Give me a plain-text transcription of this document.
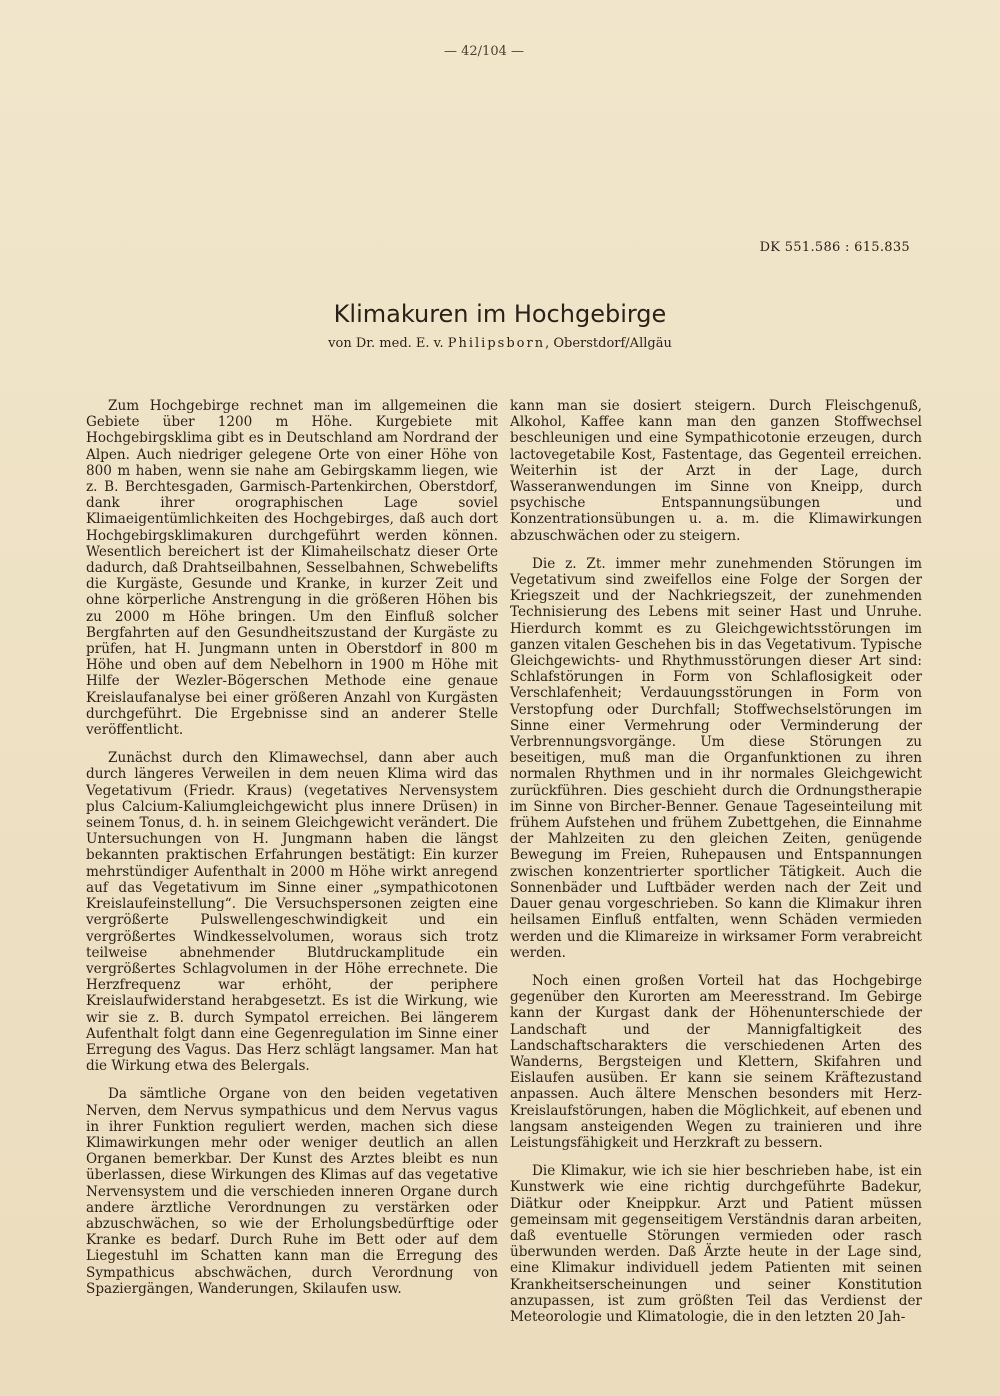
— 42/104 —
DK 551.586 : 615.835
Klimakuren im Hochgebirge
von Dr. med. E. v. Philipsborn, Oberstdorf/Allgäu

Zum Hochgebirge rechnet man im allgemeinen die Gebiete über 1200 m Höhe. Kurgebiete mit Hochgebirgsklima gibt es in Deutschland am Nordrand der Alpen. Auch niedriger gelegene Orte von einer Höhe von 800 m haben, wenn sie nahe am Gebirgskamm liegen, wie z. B. Berchtesgaden, Garmisch-Partenkirchen, Oberstdorf, dank ihrer orographischen Lage soviel Klimaeigentümlichkeiten des Hochgebirges, daß auch dort Hochgebirgsklimakuren durchgeführt werden können. Wesentlich bereichert ist der Klimaheilschatz dieser Orte dadurch, daß Drahtseilbahnen, Sesselbahnen, Schwebelifts die Kurgäste, Gesunde und Kranke, in kurzer Zeit und ohne körperliche Anstrengung in die größeren Höhen bis zu 2000 m Höhe bringen. Um den Einfluß solcher Bergfahrten auf den Gesundheitszustand der Kurgäste zu prüfen, hat H. Jungmann unten in Oberstdorf in 800 m Höhe und oben auf dem Nebelhorn in 1900 m Höhe mit Hilfe der Wezler-Bögerschen Methode eine genaue Kreislaufanalyse bei einer größeren Anzahl von Kurgästen durchgeführt. Die Ergebnisse sind an anderer Stelle veröffentlicht.

Zunächst durch den Klimawechsel, dann aber auch durch längeres Verweilen in dem neuen Klima wird das Vegetativum (Friedr. Kraus) (vegetatives Nervensystem plus Calcium-Kaliumgleichgewicht plus innere Drüsen) in seinem Tonus, d. h. in seinem Gleichgewicht verändert. Die Untersuchungen von H. Jungmann haben die längst bekannten praktischen Erfahrungen bestätigt: Ein kurzer mehrstündiger Aufenthalt in 2000 m Höhe wirkt anregend auf das Vegetativum im Sinne einer „sympathicotonen Kreislaufeinstellung“. Die Versuchspersonen zeigten eine vergrößerte Pulswellengeschwindigkeit und ein vergrößertes Windkesselvolumen, woraus sich trotz teilweise abnehmender Blutdruckamplitude ein vergrößertes Schlagvolumen in der Höhe errechnete. Die Herzfrequenz war erhöht, der periphere Kreislaufwiderstand herabgesetzt. Es ist die Wirkung, wie wir sie z. B. durch Sympatol erreichen. Bei längerem Aufenthalt folgt dann eine Gegenregulation im Sinne einer Erregung des Vagus. Das Herz schlägt langsamer. Man hat die Wirkung etwa des Belergals.

Da sämtliche Organe von den beiden vegetativen Nerven, dem Nervus sympathicus und dem Nervus vagus in ihrer Funktion reguliert werden, machen sich diese Klimawirkungen mehr oder weniger deutlich an allen Organen bemerkbar. Der Kunst des Arztes bleibt es nun überlassen, diese Wirkungen des Klimas auf das vegetative Nervensystem und die verschieden inneren Organe durch andere ärztliche Verordnungen zu verstärken oder abzuschwächen, so wie der Erholungsbedürftige oder Kranke es bedarf. Durch Ruhe im Bett oder auf dem Liegestuhl im Schatten kann man die Erregung des Sympathicus abschwächen, durch Verordnung von Spaziergängen, Wanderungen, Skilaufen usw.

kann man sie dosiert steigern. Durch Fleischgenuß, Alkohol, Kaffee kann man den ganzen Stoffwechsel beschleunigen und eine Sympathicotonie erzeugen, durch lactovegetabile Kost, Fastentage, das Gegenteil erreichen. Weiterhin ist der Arzt in der Lage, durch Wasseranwendungen im Sinne von Kneipp, durch psychische Entspannungsübungen und Konzentrationsübungen u. a. m. die Klimawirkungen abzuschwächen oder zu steigern.

Die z. Zt. immer mehr zunehmenden Störungen im Vegetativum sind zweifellos eine Folge der Sorgen der Kriegszeit und der Nachkriegszeit, der zunehmenden Technisierung des Lebens mit seiner Hast und Unruhe. Hierdurch kommt es zu Gleichgewichtsstörungen im ganzen vitalen Geschehen bis in das Vegetativum. Typische Gleichgewichts- und Rhythmusstörungen dieser Art sind: Schlafstörungen in Form von Schlaflosigkeit oder Verschlafenheit; Verdauungsstörungen in Form von Verstopfung oder Durchfall; Stoffwechselstörungen im Sinne einer Vermehrung oder Verminderung der Verbrennungsvorgänge. Um diese Störungen zu beseitigen, muß man die Organfunktionen zu ihren normalen Rhythmen und in ihr normales Gleichgewicht zurückführen. Dies geschieht durch die Ordnungstherapie im Sinne von Bircher-Benner. Genaue Tageseinteilung mit frühem Aufstehen und frühem Zubettgehen, die Einnahme der Mahlzeiten zu den gleichen Zeiten, genügende Bewegung im Freien, Ruhepausen und Entspannungen zwischen konzentrierter sportlicher Tätigkeit. Auch die Sonnenbäder und Luftbäder werden nach der Zeit und Dauer genau vorgeschrieben. So kann die Klimakur ihren heilsamen Einfluß entfalten, wenn Schäden vermieden werden und die Klimareize in wirksamer Form verabreicht werden.

Noch einen großen Vorteil hat das Hochgebirge gegenüber den Kurorten am Meeresstrand. Im Gebirge kann der Kurgast dank der Höhenunterschiede der Landschaft und der Mannigfaltigkeit des Landschaftscharakters die verschiedenen Arten des Wanderns, Bergsteigen und Klettern, Skifahren und Eislaufen ausüben. Er kann sie seinem Kräftezustand anpassen. Auch ältere Menschen besonders mit Herz-Kreislaufstörungen, haben die Möglichkeit, auf ebenen und langsam ansteigenden Wegen zu trainieren und ihre Leistungsfähigkeit und Herzkraft zu bessern.

Die Klimakur, wie ich sie hier beschrieben habe, ist ein Kunstwerk wie eine richtig durchgeführte Badekur, Diätkur oder Kneippkur. Arzt und Patient müssen gemeinsam mit gegenseitigem Verständnis daran arbeiten, daß eventuelle Störungen vermieden oder rasch überwunden werden. Daß Ärzte heute in der Lage sind, eine Klimakur individuell jedem Patienten mit seinen Krankheitserscheinungen und seiner Konstitution anzupassen, ist zum größten Teil das Verdienst der Meteorologie und Klimatologie, die in den letzten 20 Jah-
